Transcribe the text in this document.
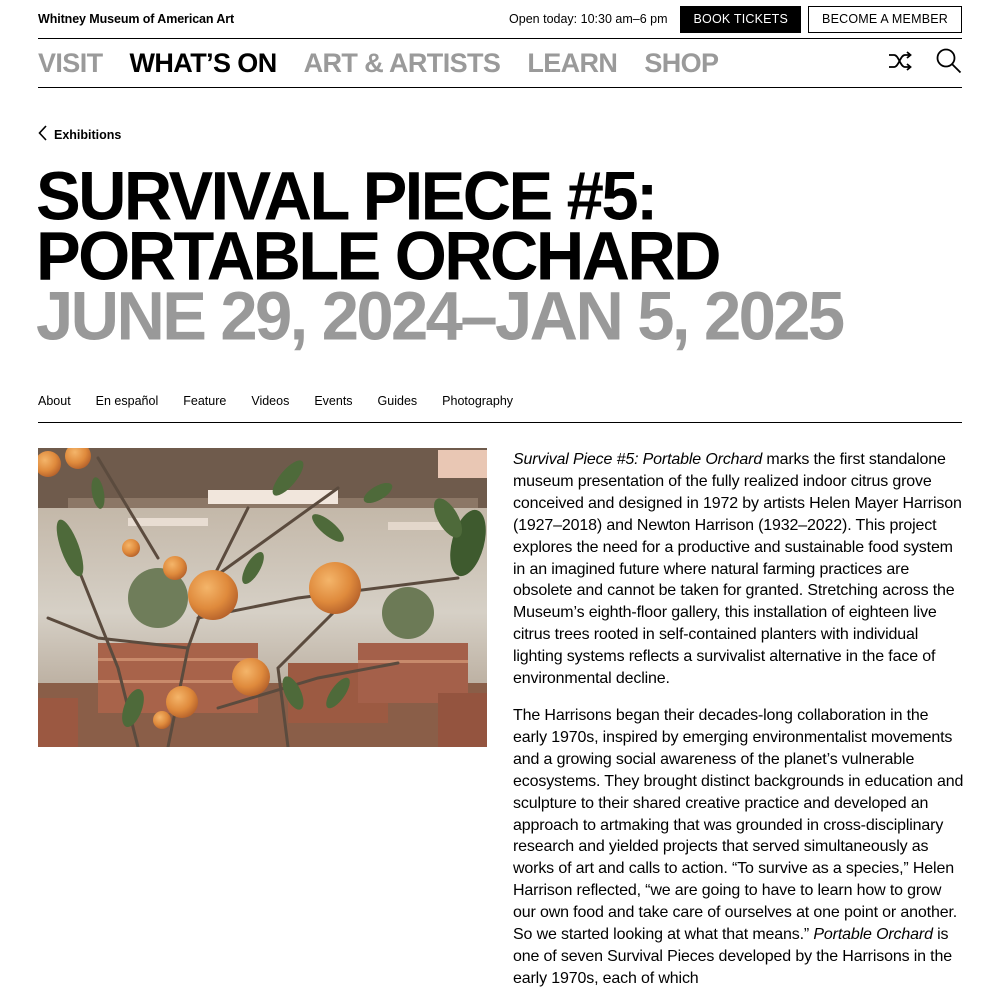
Whitney Museum of American Art	Open today: 10:30 am–6 pm	BOOK TICKETS	BECOME A MEMBER
VISIT WHAT’S ON ART & ARTISTS LEARN SHOP
Exhibitions
SURVIVAL PIECE #5:
PORTABLE ORCHARD
JUNE 29, 2024–JAN 5, 2025
About En español Feature Videos Events Guides Photography

Survival Piece #5: Portable Orchard marks the first standalone museum presentation of the fully realized indoor citrus grove conceived and designed in 1972 by artists Helen Mayer Harrison (1927–2018) and Newton Harrison (1932–2022). This project explores the need for a productive and sustainable food system in an imagined future where natural farming practices are obsolete and cannot be taken for granted. Stretching across the Museum’s eighth-floor gallery, this installation of eighteen live citrus trees rooted in self-contained planters with individual lighting systems reflects a survivalist alternative in the face of environmental decline.

The Harrisons began their decades-long collaboration in the early 1970s, inspired by emerging environmentalist movements and a growing social awareness of the planet’s vulnerable ecosystems. They brought distinct backgrounds in education and sculpture to their shared creative practice and developed an approach to artmaking that was grounded in cross-disciplinary research and yielded projects that served simultaneously as works of art and calls to action. “To survive as a species,” Helen Harrison reflected, “we are going to have to learn how to grow our own food and take care of ourselves at one point or another. So we started looking at what that means.” Portable Orchard is one of seven Survival Pieces developed by the Harrisons in the early 1970s, each of which
